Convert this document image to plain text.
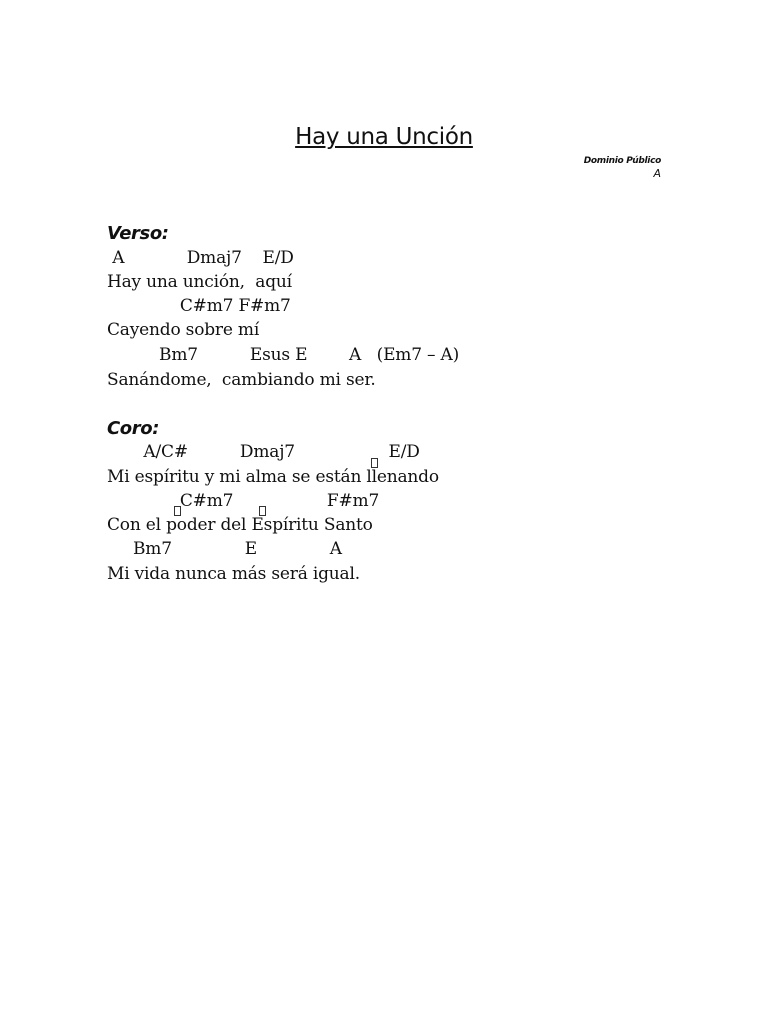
Hay una Unción
Dominio Público
A
Verso:
A            Dmaj7    E/D
Hay una unción,  aquí
C#m7 F#m7
Cayendo sobre mí
Bm7          Esus E        A   (Em7 – A)
Sanándome,  cambiando mi ser.
Coro:
A/C#          Dmaj7                  E/D
Mi espíritu y mi alma se están llenando
C#m7                  F#m7
Con el poder del Espíritu Santo
Bm7              E              A
Mi vida nunca más será igual.
